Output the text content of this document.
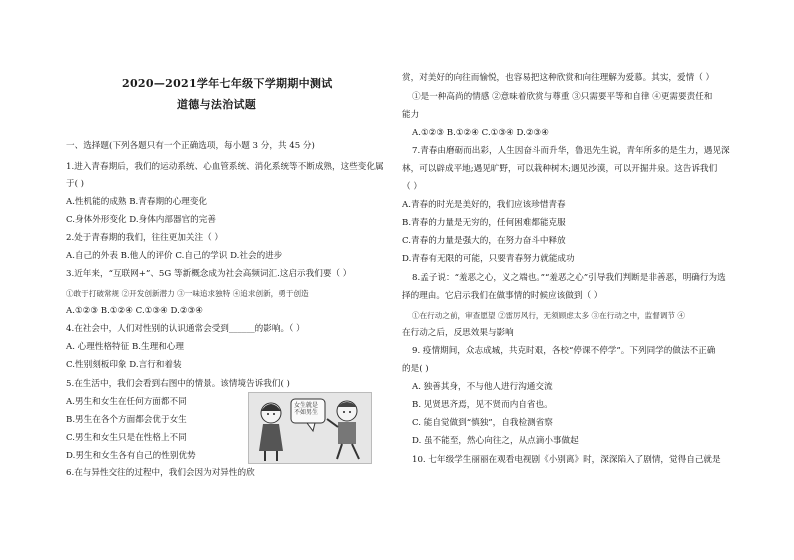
2020—2021学年七年级下学期期中测试
道德与法治试题
一、选择题(下列各题只有一个正确选项，每小题 3 分，共 45 分)
1.进入青春期后，我们的运动系统、心血管系统、消化系统等不断成熟，这些变化属
于( )
A.性机能的成熟 B.青春期的心理变化
C.身体外形变化 D.身体内部器官的完善
2.处于青春期的我们，往往更加关注（ ）
A.自己的外表 B.他人的评价 C.自己的学识 D.社会的进步
3.近年来，“互联网+”、5G 等新概念成为社会高频词汇.这启示我们要（ ）
①敢于打破常规 ②开发创新潜力 ③一味追求独特 ④追求创新，勇于创造
A.①②③ B.①②④ C.①③④ D.②③④
4.在社会中，人们对性别的认识通常会受到______的影响。（ ）
A. 心理性格特征 B.生理和心理
C.性别刻板印象 D.言行和着装
5.在生活中，我们会看到右图中的情景。该情境告诉我们( )
A.男生和女生在任何方面都不同
B.男生在各个方面都会优于女生
C.男生和女生只是在性格上不同
D.男生和女生各有自己的性别优势
6.在与异性交往的过程中，我们会因为对异性的欣
女生就是不如男生
赏，对美好的向往而愉悦，也容易把这种欣赏和向往理解为爱慕。其实，爱情（ ）
①是一种高尚的情感 ②意味着欣赏与尊重 ③只需要平等和自律 ④更需要责任和
能力
A.①②③ B.①②④ C.①③④ D.②③④
7.青春由磨砺而出彩，人生因奋斗而升华，鲁迅先生说，青年所多的是生力，遇见深
林，可以辟成平地;遇见旷野，可以栽种树木;遇见沙漠，可以开掘井泉。这告诉我们
（ ）
A.青春的时光是美好的，我们应该珍惜青春
B.青春的力量是无穷的，任何困难都能克服
C.青春的力量是强大的，在努力奋斗中释放
D.青春有无限的可能，只要青春努力就能成功
8.孟子说：“羞恶之心，义之端也。”“羞恶之心”引导我们判断是非善恶，明确行为选
择的理由。它启示我们在做事情的时候应该做到（ ）
①在行动之前，审查愿望 ②雷厉风行，无须顾虑太多 ③在行动之中，监督调节 ④
在行动之后，反思效果与影响
9. 疫情期间，众志成城，共克时艰，各校“停课不停学”。下列同学的做法不正确
的是( )
A. 独善其身，不与他人进行沟通交流
B. 见贤思齐焉，见不贤而内自省也。
C. 能自觉做到“慎独”，自我检测省察
D. 虽不能至，然心向往之，从点滴小事做起
10. 七年级学生丽丽在观看电视剧《小别离》时，深深陷入了剧情，觉得自己就是
